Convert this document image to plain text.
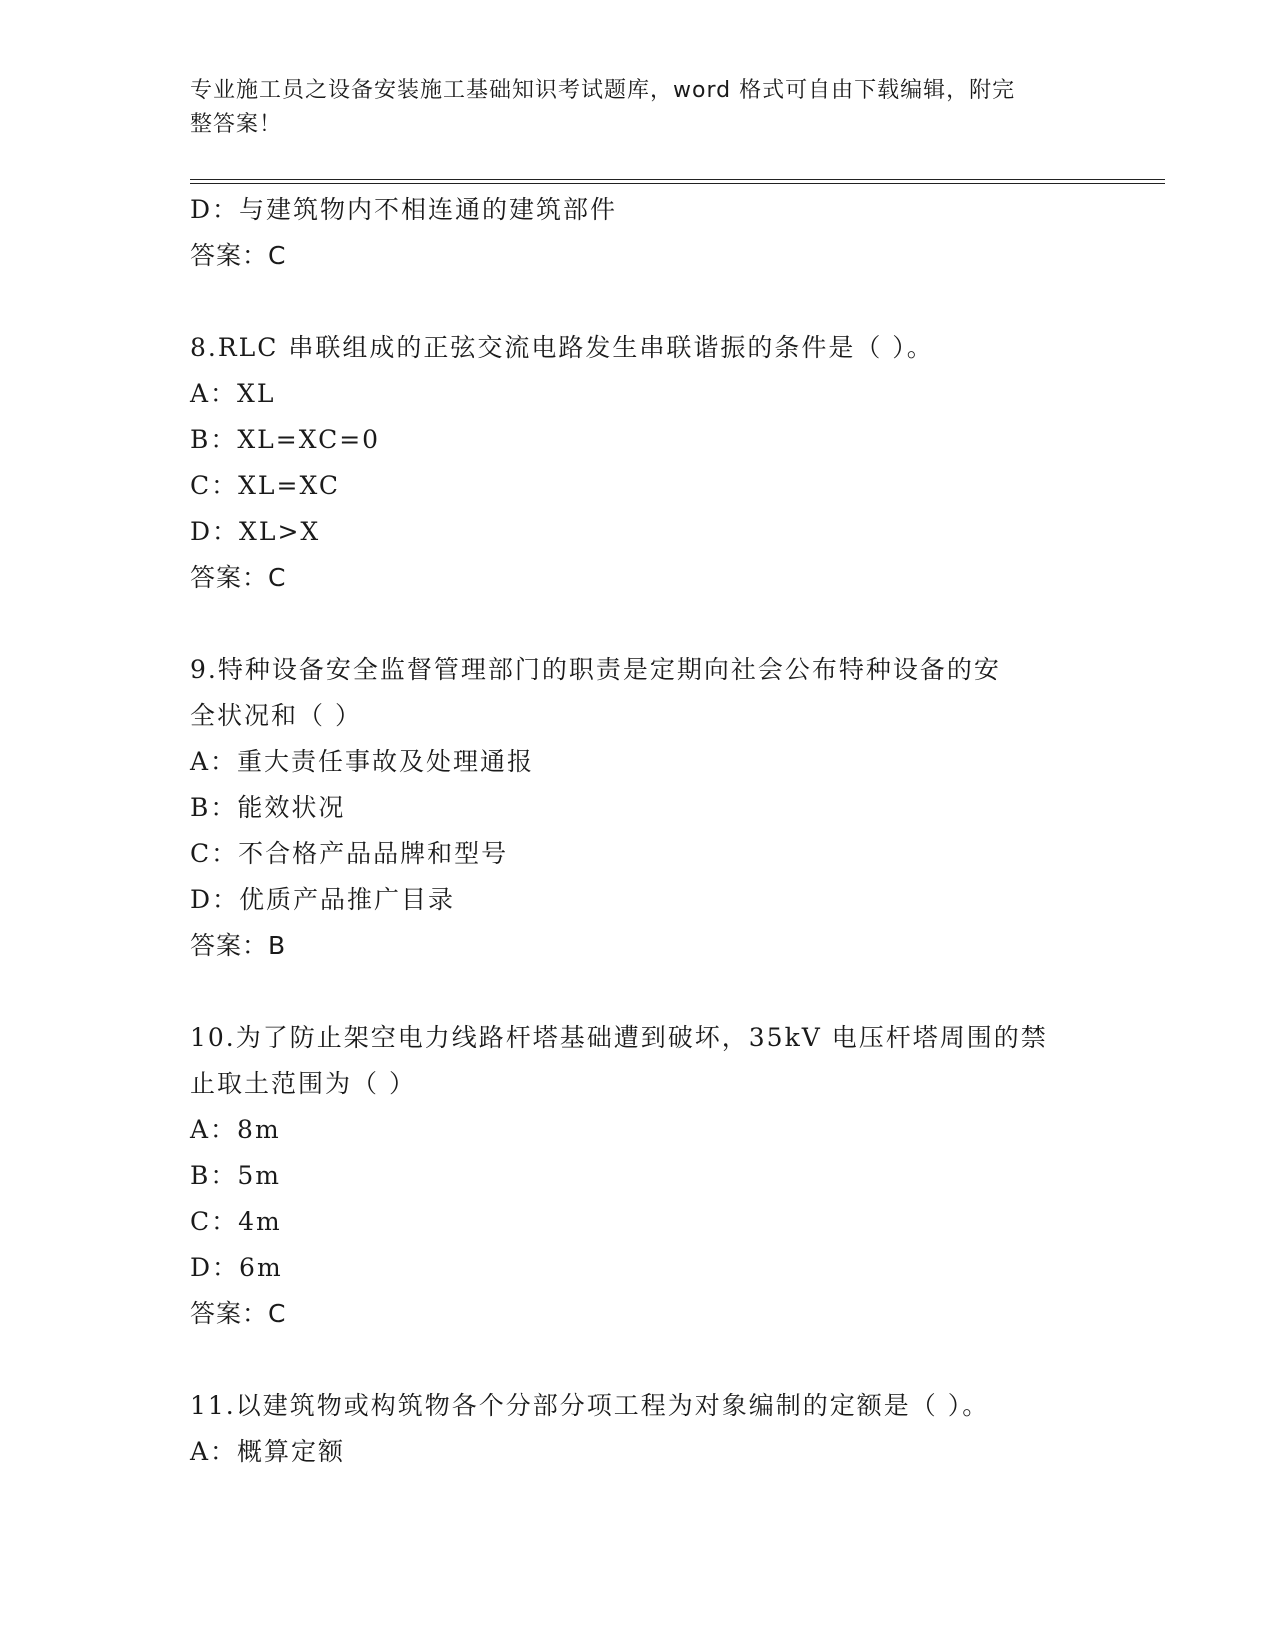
专业施工员之设备安装施工基础知识考试题库，word 格式可自由下载编辑，附完
整答案！
D：与建筑物内不相连通的建筑部件
答案：C
8.RLC 串联组成的正弦交流电路发生串联谐振的条件是（ ）。
A：XL
B：XL=XC=0
C：XL=XC
D：XL>X
答案：C
9.特种设备安全监督管理部门的职责是定期向社会公布特种设备的安
全状况和（ ）
A：重大责任事故及处理通报
B：能效状况
C：不合格产品品牌和型号
D：优质产品推广目录
答案：B
10.为了防止架空电力线路杆塔基础遭到破坏，35kV 电压杆塔周围的禁
止取土范围为（ ）
A：8m
B：5m
C：4m
D：6m
答案：C
11.以建筑物或构筑物各个分部分项工程为对象编制的定额是（ ）。
A：概算定额
